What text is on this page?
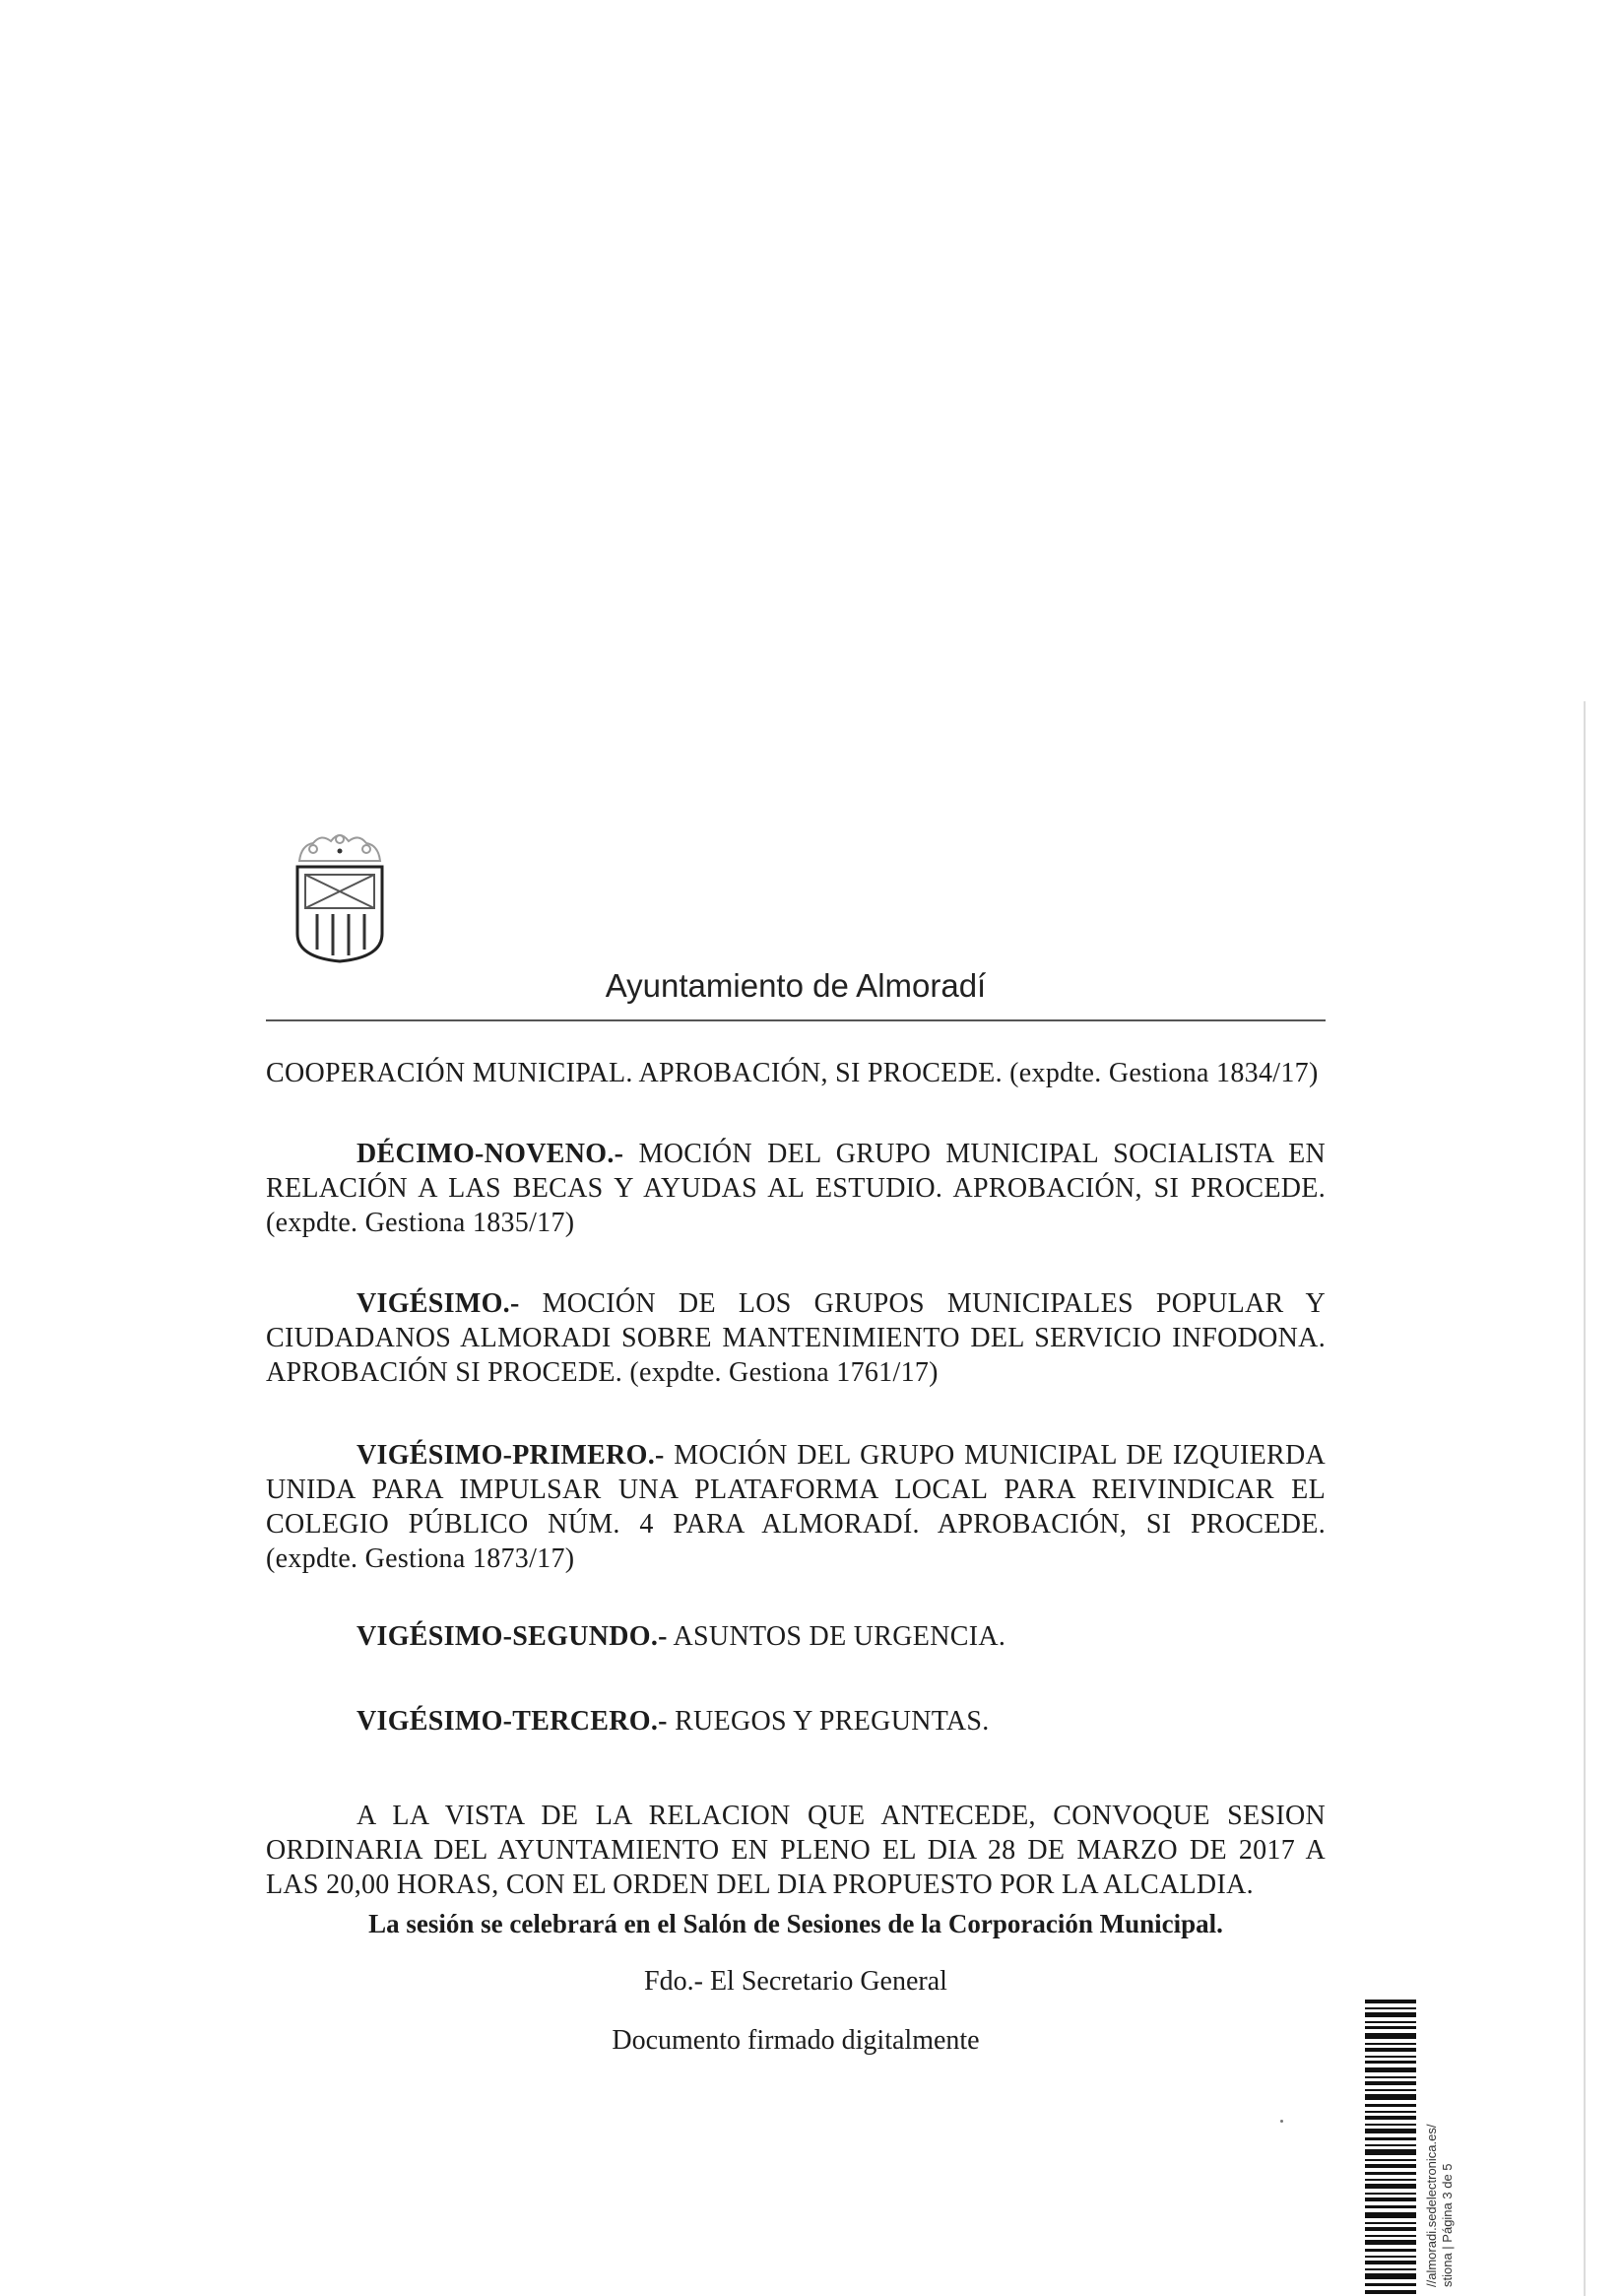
Ayuntamiento de Almoradí
COOPERACIÓN MUNICIPAL. APROBACIÓN, SI PROCEDE. (expdte. Gestiona 1834/17)
DÉCIMO-NOVENO.- MOCIÓN DEL GRUPO MUNICIPAL SOCIALISTA EN RELACIÓN A LAS BECAS Y AYUDAS AL ESTUDIO. APROBACIÓN, SI PROCEDE. (expdte. Gestiona 1835/17)
VIGÉSIMO.- MOCIÓN DE LOS GRUPOS MUNICIPALES POPULAR Y CIUDADANOS ALMORADI SOBRE MANTENIMIENTO DEL SERVICIO INFODONA. APROBACIÓN SI PROCEDE. (expdte. Gestiona 1761/17)
VIGÉSIMO-PRIMERO.- MOCIÓN DEL GRUPO MUNICIPAL DE IZQUIERDA UNIDA PARA IMPULSAR UNA PLATAFORMA LOCAL PARA REIVINDICAR EL COLEGIO PÚBLICO NÚM. 4 PARA ALMORADÍ. APROBACIÓN, SI PROCEDE. (expdte. Gestiona 1873/17)
VIGÉSIMO-SEGUNDO.- ASUNTOS DE URGENCIA.
VIGÉSIMO-TERCERO.- RUEGOS Y PREGUNTAS.
A LA VISTA DE LA RELACION QUE ANTECEDE, CONVOQUE SESION ORDINARIA DEL AYUNTAMIENTO EN PLENO EL DIA 28 DE MARZO DE 2017 A LAS 20,00 HORAS, CON EL ORDEN DEL DIA PROPUESTO POR LA ALCALDIA.
La sesión se celebrará en el Salón de Sesiones de la Corporación Municipal.
Fdo.- El Secretario General
Documento firmado digitalmente
//almoradi.sedelectronica.es/ stiona | Página 3 de 5
